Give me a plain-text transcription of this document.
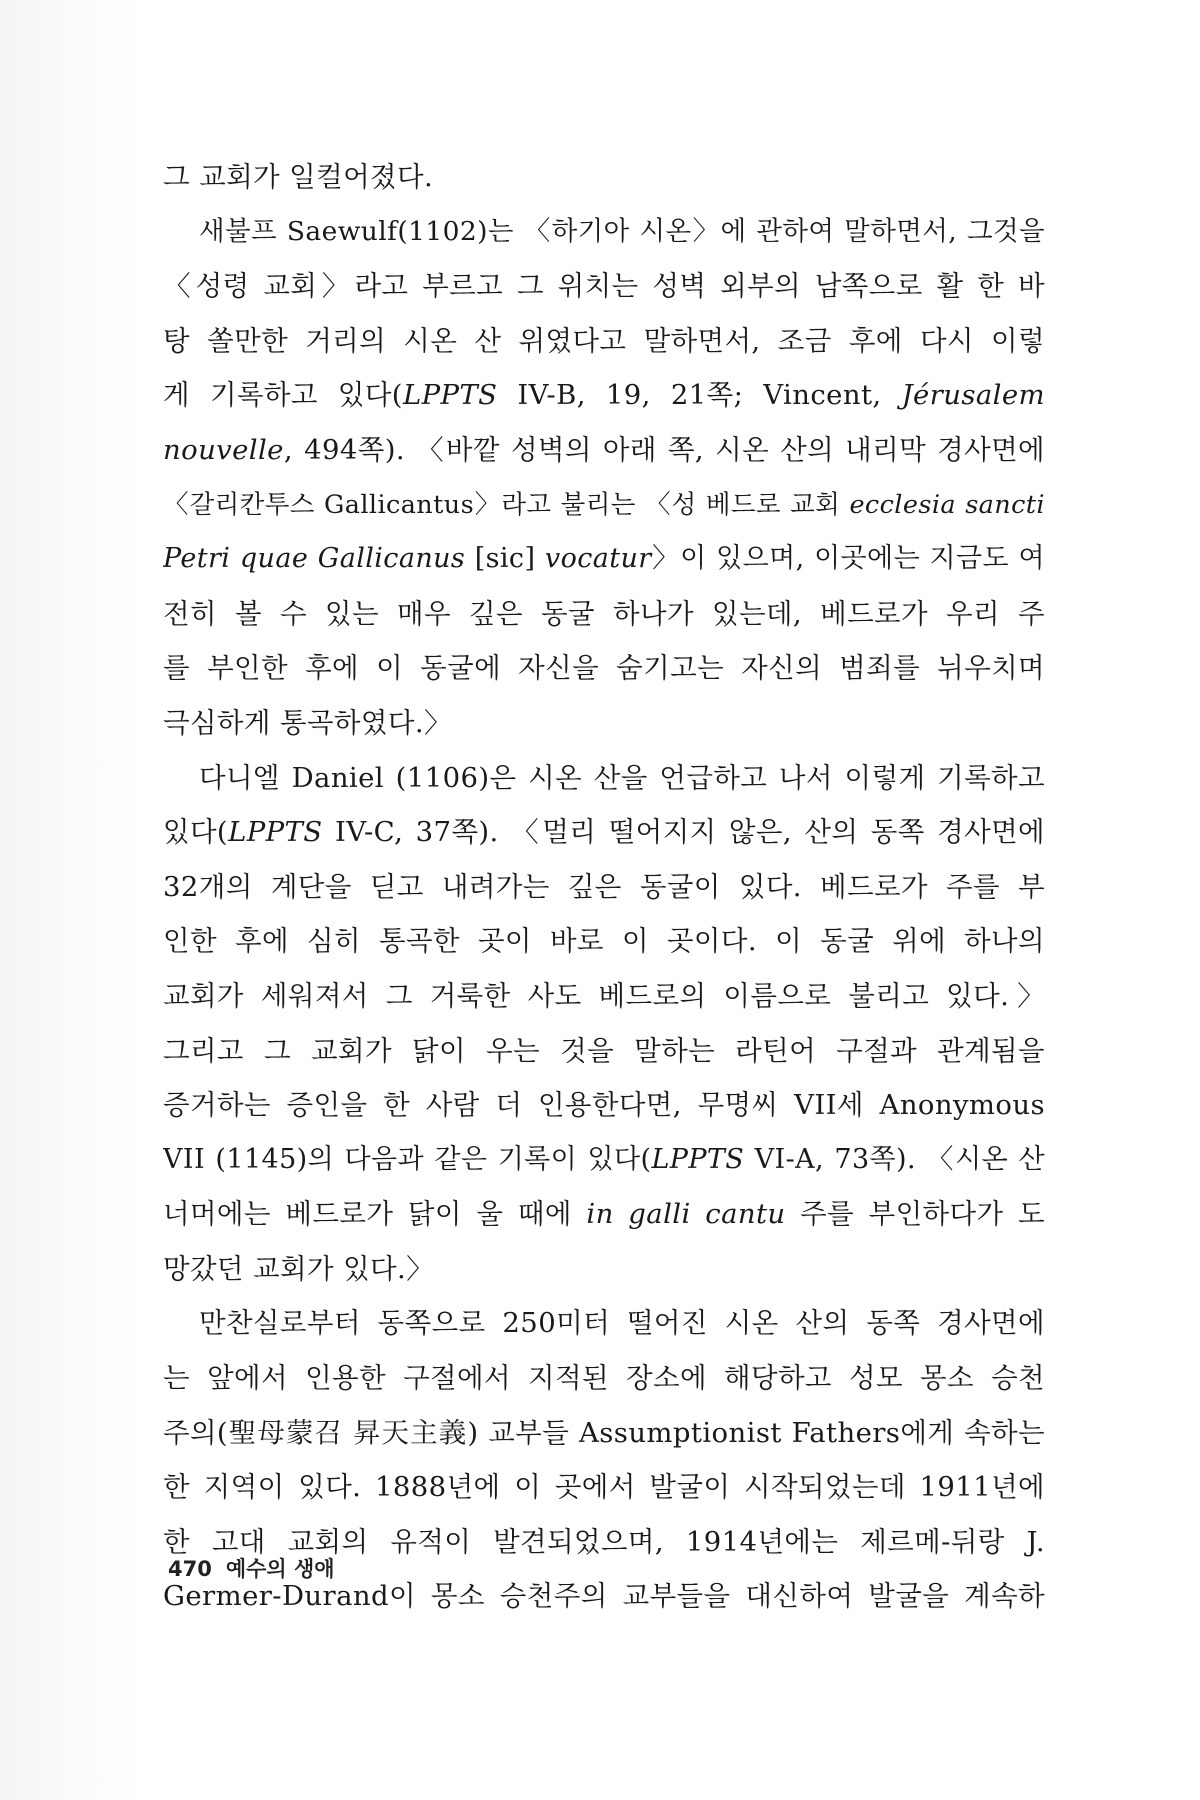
그 교회가 일컬어졌다.
새불프 Saewulf(1102)는 〈하기아 시온〉에 관하여 말하면서, 그것을
〈성령 교회〉라고 부르고 그 위치는 성벽 외부의 남쪽으로 활 한 바
탕 쏠만한 거리의 시온 산 위였다고 말하면서, 조금 후에 다시 이렇
게 기록하고 있다(LPPTS IV-B, 19, 21쪽; Vincent, Jérusalem
nouvelle, 494쪽). 〈바깥 성벽의 아래 쪽, 시온 산의 내리막 경사면에
〈갈리칸투스 Gallicantus〉라고 불리는 〈성 베드로 교회 ecclesia sancti
Petri quae Gallicanus [sic] vocatur〉이 있으며, 이곳에는 지금도 여
전히 볼 수 있는 매우 깊은 동굴 하나가 있는데, 베드로가 우리 주
를 부인한 후에 이 동굴에 자신을 숨기고는 자신의 범죄를 뉘우치며
극심하게 통곡하였다.〉
다니엘 Daniel (1106)은 시온 산을 언급하고 나서 이렇게 기록하고
있다(LPPTS IV-C, 37쪽). 〈멀리 떨어지지 않은, 산의 동쪽 경사면에
32개의 계단을 딛고 내려가는 깊은 동굴이 있다. 베드로가 주를 부
인한 후에 심히 통곡한 곳이 바로 이 곳이다. 이 동굴 위에 하나의
교회가 세워져서 그 거룩한 사도 베드로의 이름으로 불리고 있다.〉
그리고 그 교회가 닭이 우는 것을 말하는 라틴어 구절과 관계됨을
증거하는 증인을 한 사람 더 인용한다면, 무명씨 VII세 Anonymous
VII (1145)의 다음과 같은 기록이 있다(LPPTS VI-A, 73쪽). 〈시온 산
너머에는 베드로가 닭이 울 때에 in galli cantu 주를 부인하다가 도
망갔던 교회가 있다.〉
만찬실로부터 동쪽으로 250미터 떨어진 시온 산의 동쪽 경사면에
는 앞에서 인용한 구절에서 지적된 장소에 해당하고 성모 몽소 승천
주의(聖母蒙召 昇天主義) 교부들 Assumptionist Fathers에게 속하는
한 지역이 있다. 1888년에 이 곳에서 발굴이 시작되었는데 1911년에
한 고대 교회의 유적이 발견되었으며, 1914년에는 제르메-뒤랑 J.
Germer-Durand이 몽소 승천주의 교부들을 대신하여 발굴을 계속하
470 예수의 생애
